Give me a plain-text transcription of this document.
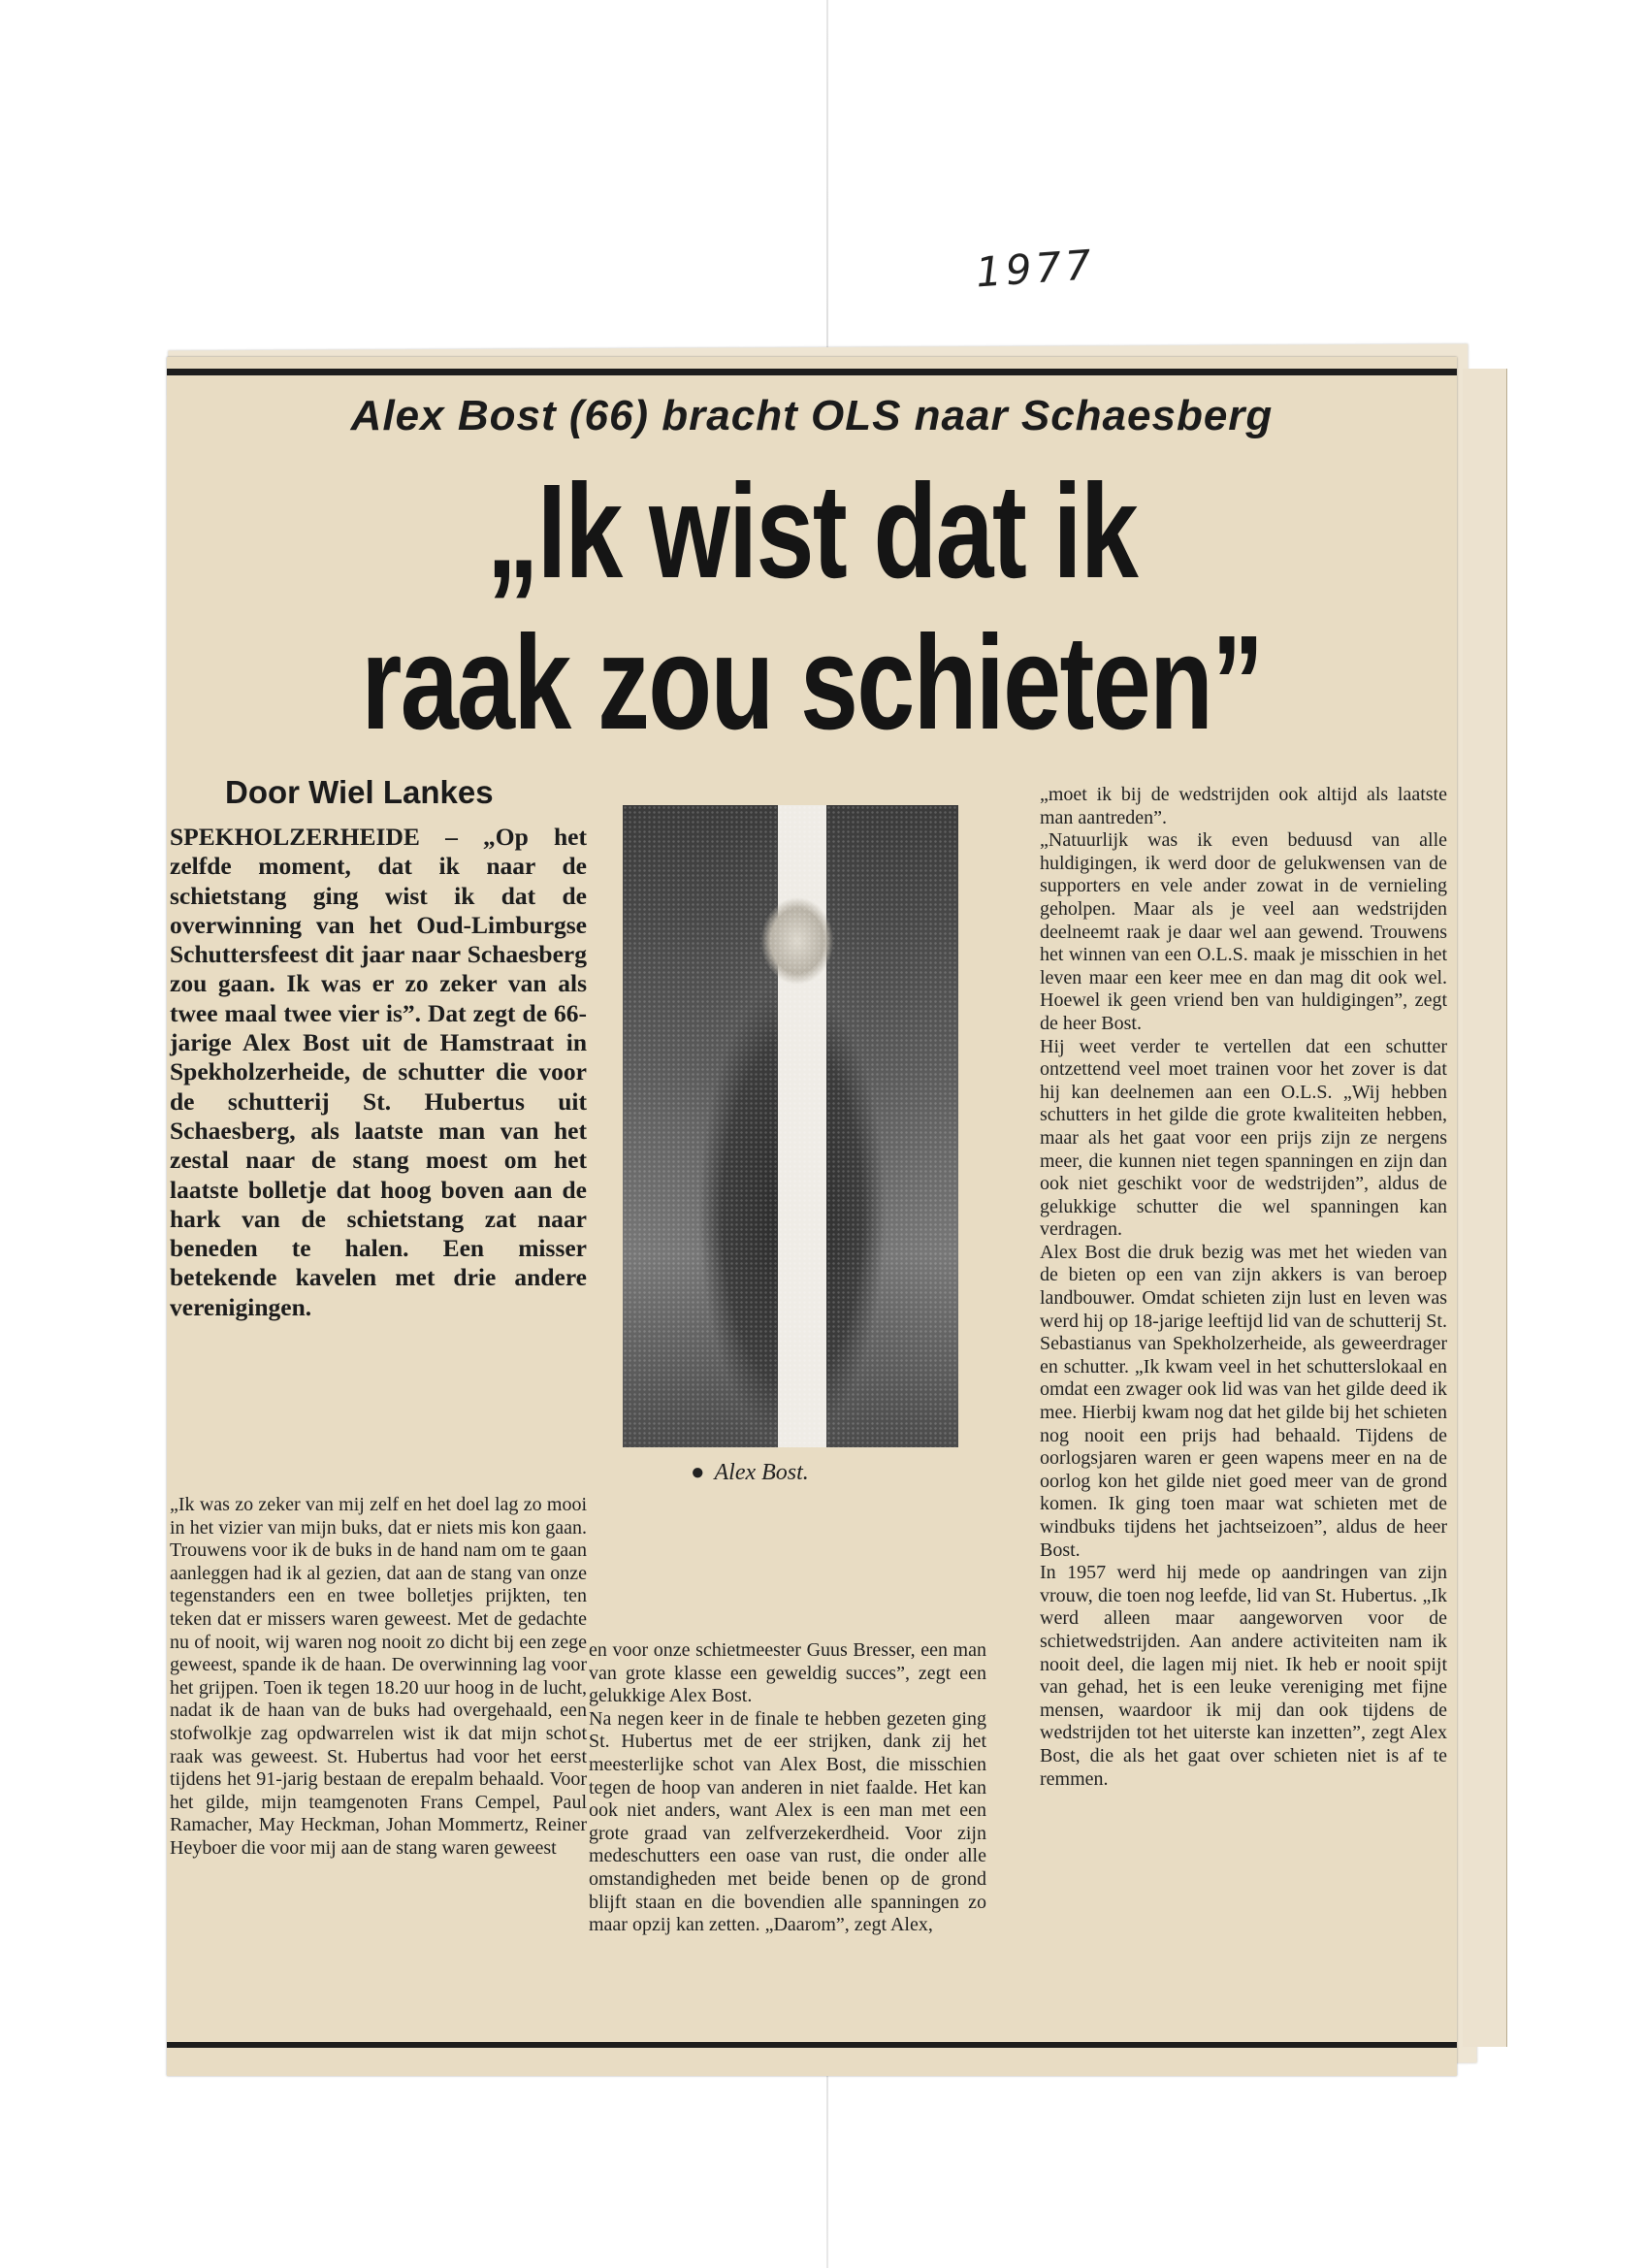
1977
Alex Bost (66) bracht OLS naar Schaesberg
„Ik wist dat ik
raak zou schieten”
Door Wiel Lankes
SPEKHOLZERHEIDE – „Op het zelfde moment, dat ik naar de schietstang ging wist ik dat de overwinning van het Oud-Limburgse Schuttersfeest dit jaar naar Schaesberg zou gaan. Ik was er zo zeker van als twee maal twee vier is”. Dat zegt de 66-jarige Alex Bost uit de Hamstraat in Spekholzerheide, de schutter die voor de schutterij St. Hubertus uit Schaesberg, als laatste man van het zestal naar de stang moest om het laatste bolletje dat hoog boven aan de hark van de schietstang zat naar beneden te halen. Een misser betekende kavelen met drie andere verenigingen.

„Ik was zo zeker van mij zelf en het doel lag zo mooi in het vizier van mijn buks, dat er niets mis kon gaan. Trouwens voor ik de buks in de hand nam om te gaan aanleggen had ik al gezien, dat aan de stang van onze tegenstanders een en twee bolletjes prijkten, ten teken dat er missers waren geweest. Met de gedachte nu of nooit, wij waren nog nooit zo dicht bij een zege geweest, spande ik de haan. De overwinning lag voor het grijpen. Toen ik tegen 18.20 uur hoog in de lucht, nadat ik de haan van de buks had overgehaald, een stofwolkje zag opdwarrelen wist ik dat mijn schot raak was geweest. St. Hubertus had voor het eerst tijdens het 91-jarig bestaan de erepalm behaald. Voor het gilde, mijn teamgenoten Frans Cempel, Paul Ramacher, May Heckman, Johan Mommertz, Reiner Heyboer die voor mij aan de stang waren geweest

● Alex Bost.

en voor onze schietmeester Guus Bresser, een man van grote klasse een geweldig succes”, zegt een gelukkige Alex Bost.

Na negen keer in de finale te hebben gezeten ging St. Hubertus met de eer strijken, dank zij het meesterlijke schot van Alex Bost, die misschien tegen de hoop van anderen in niet faalde. Het kan ook niet anders, want Alex is een man met een grote graad van zelfverzekerdheid. Voor zijn medeschutters een oase van rust, die onder alle omstandigheden met beide benen op de grond blijft staan en die bovendien alle spanningen zo maar opzij kan zetten. „Daarom”, zegt Alex,

„moet ik bij de wedstrijden ook altijd als laatste man aantreden”.

„Natuurlijk was ik even beduusd van alle huldigingen, ik werd door de gelukwensen van de supporters en vele ander zowat in de vernieling geholpen. Maar als je veel aan wedstrijden deelneemt raak je daar wel aan gewend. Trouwens het winnen van een O.L.S. maak je misschien in het leven maar een keer mee en dan mag dit ook wel. Hoewel ik geen vriend ben van huldigingen”, zegt de heer Bost.

Hij weet verder te vertellen dat een schutter ontzettend veel moet trainen voor het zover is dat hij kan deelnemen aan een O.L.S. „Wij hebben schutters in het gilde die grote kwaliteiten hebben, maar als het gaat voor een prijs zijn ze nergens meer, die kunnen niet tegen spanningen en zijn dan ook niet geschikt voor de wedstrijden”, aldus de gelukkige schutter die wel spanningen kan verdragen.

Alex Bost die druk bezig was met het wieden van de bieten op een van zijn akkers is van beroep landbouwer. Omdat schieten zijn lust en leven was werd hij op 18-jarige leeftijd lid van de schutterij St. Sebastianus van Spekholzerheide, als geweerdrager en schutter. „Ik kwam veel in het schutterslokaal en omdat een zwager ook lid was van het gilde deed ik mee. Hierbij kwam nog dat het gilde bij het schieten nog nooit een prijs had behaald. Tijdens de oorlogsjaren waren er geen wapens meer en na de oorlog kon het gilde niet goed meer van de grond komen. Ik ging toen maar wat schieten met de windbuks tijdens het jachtseizoen”, aldus de heer Bost.

In 1957 werd hij mede op aandringen van zijn vrouw, die toen nog leefde, lid van St. Hubertus. „Ik werd alleen maar aangeworven voor de schietwedstrijden. Aan andere activiteiten nam ik nooit deel, die lagen mij niet. Ik heb er nooit spijt van gehad, het is een leuke vereniging met fijne mensen, waardoor ik mij dan ook tijdens de wedstrijden tot het uiterste kan inzetten”, zegt Alex Bost, die als het gaat over schieten niet is af te remmen.
